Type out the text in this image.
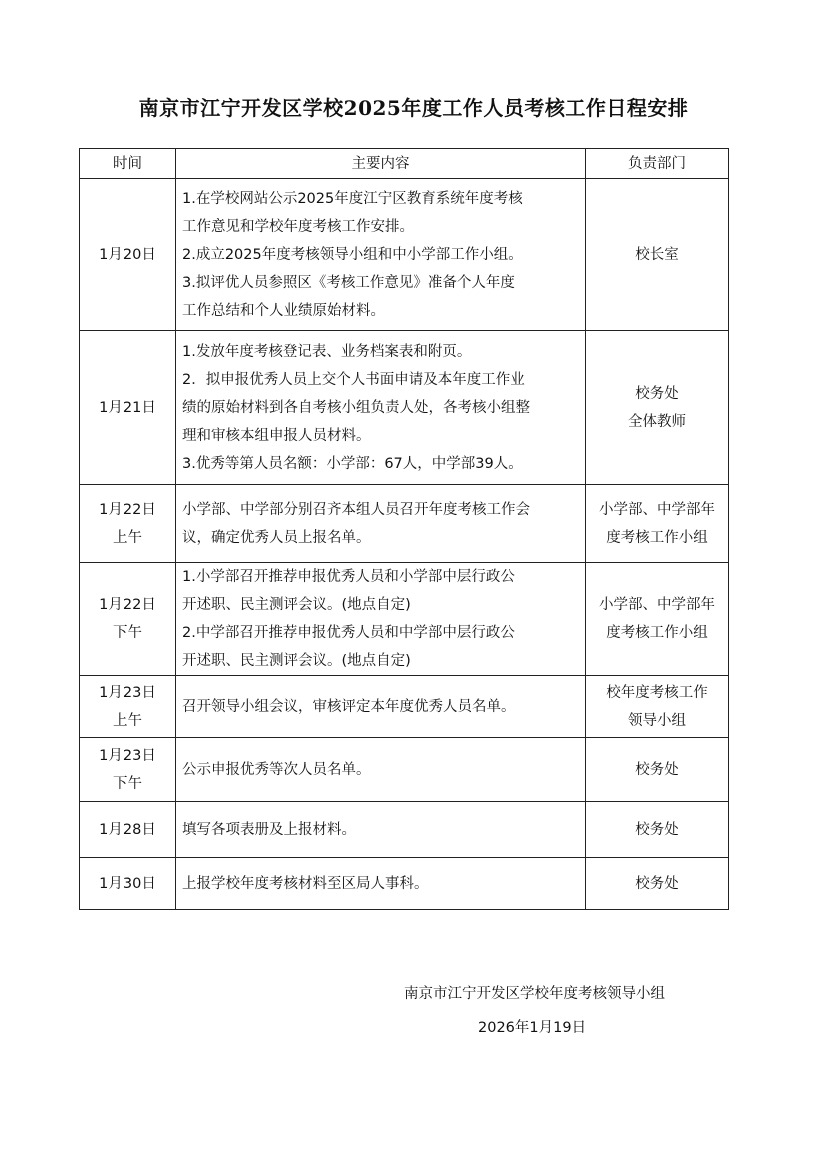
南京市江宁开发区学校2025年度工作人员考核工作日程安排
时间	主要内容	负责部门

1月20日	1.在学校网站公示2025年度江宁区教育系统年度考核
工作意见和学校年度考核工作安排。
2.成立2025年度考核领导小组和中小学部工作小组。
3.拟评优人员参照区《考核工作意见》准备个人年度
工作总结和个人业绩原始材料。	校长室

1月21日	1.发放年度考核登记表、业务档案表和附页。
2．拟申报优秀人员上交个人书面申请及本年度工作业
绩的原始材料到各自考核小组负责人处，各考核小组整
理和审核本组申报人员材料。
3.优秀等第人员名额：小学部：67人，中学部39人。	校务处
全体教师

1月22日
上午	小学部、中学部分别召齐本组人员召开年度考核工作会
议，确定优秀人员上报名单。	小学部、中学部年
度考核工作小组

1月22日
下午	1.小学部召开推荐申报优秀人员和小学部中层行政公
开述职、民主测评会议。(地点自定)
2.中学部召开推荐申报优秀人员和中学部中层行政公
开述职、民主测评会议。(地点自定)	小学部、中学部年
度考核工作小组

1月23日
上午	召开领导小组会议，审核评定本年度优秀人员名单。	校年度考核工作
领导小组

1月23日
下午	公示申报优秀等次人员名单。	校务处

1月28日	填写各项表册及上报材料。	校务处

1月30日	上报学校年度考核材料至区局人事科。	校务处
南京市江宁开发区学校年度考核领导小组
2026年1月19日
